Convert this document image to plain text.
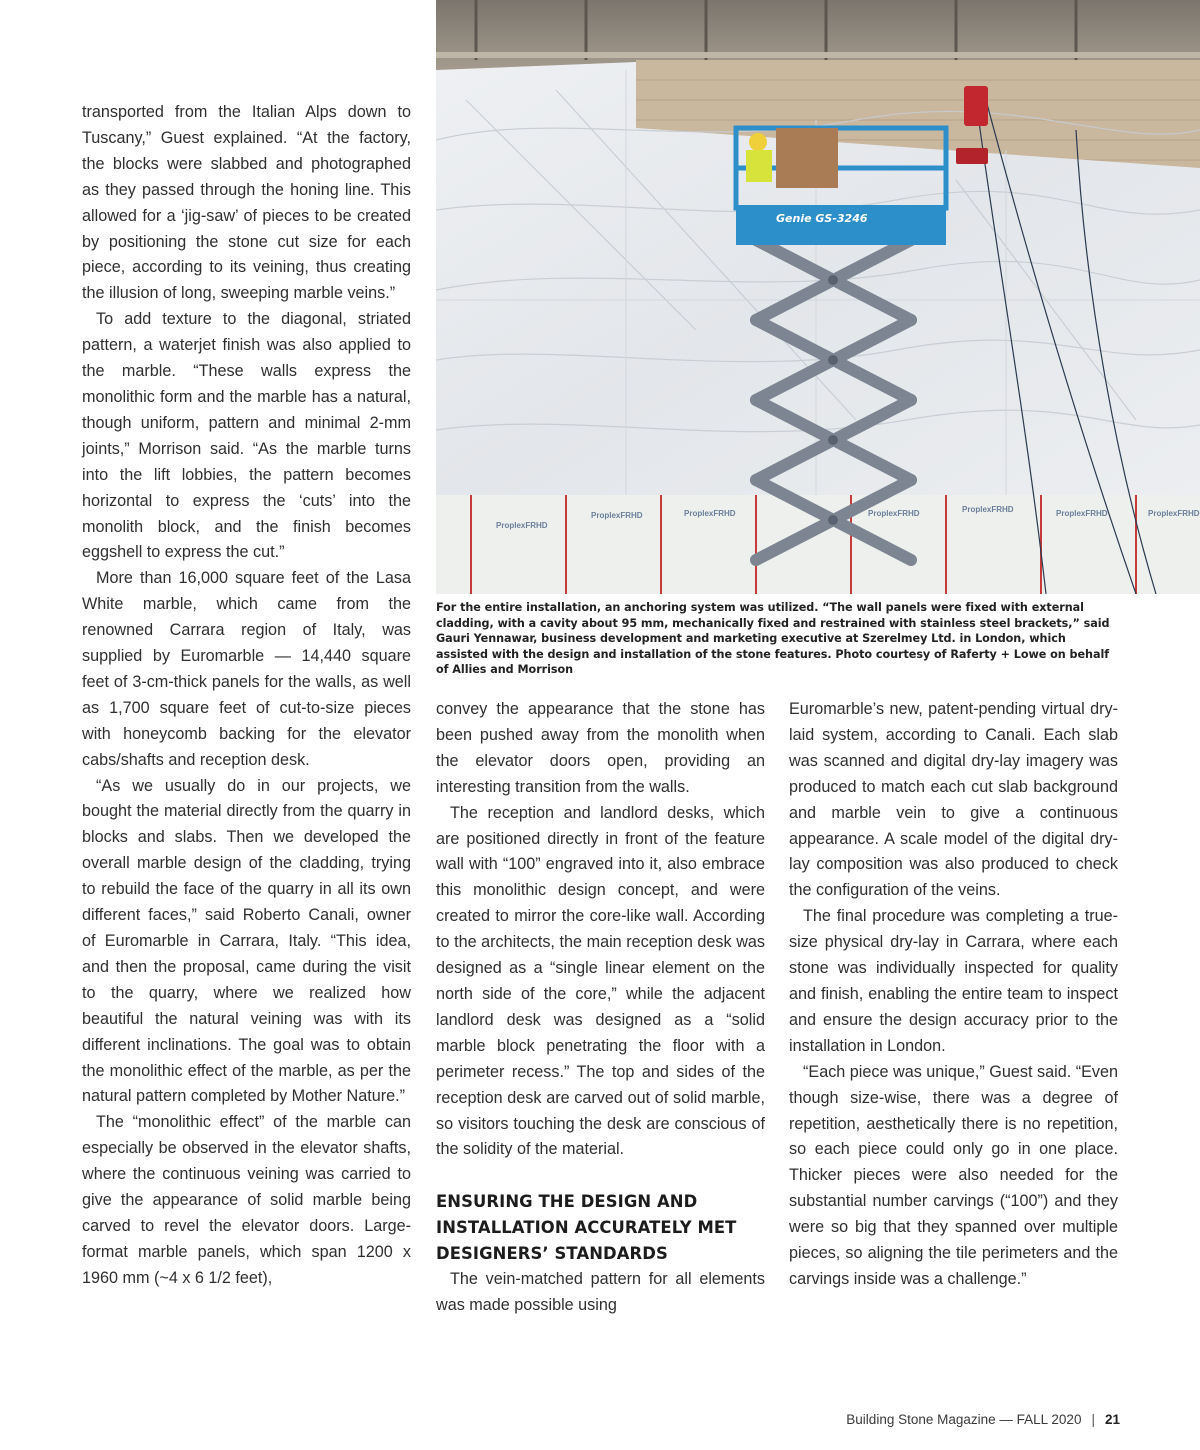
ProplexFRHD
ProplexFRHD	ProplexFRHD	ProplexFRHD	ProplexFRHD	ProplexFRHD	ProplexFRHD
Genie GS-3246
For the entire installation, an anchoring system was utilized. “The wall panels were fixed with external cladding, with a cavity about 95 mm, mechanically fixed and restrained with stainless steel brackets,” said Gauri Yennawar, business development and marketing executive at Szerelmey Ltd. in London, which assisted with the design and installation of the stone features. Photo courtesy of Raferty + Lowe on behalf of Allies and Morrison

transported from the Italian Alps down to Tuscany,” Guest explained. “At the factory, the blocks were slabbed and photographed as they passed through the honing line. This allowed for a ‘jig-saw’ of pieces to be created by positioning the stone cut size for each piece, according to its veining, thus creating the illusion of long, sweeping marble veins.”

To add texture to the diagonal, striated pattern, a waterjet finish was also applied to the marble. “These walls express the monolithic form and the marble has a natural, though uniform, pattern and minimal 2-mm joints,” Morrison said. “As the marble turns into the lift lobbies, the pattern becomes horizontal to express the ‘cuts’ into the monolith block, and the finish becomes eggshell to express the cut.”

More than 16,000 square feet of the Lasa White marble, which came from the renowned Carrara region of Italy, was supplied by Euromarble — 14,440 square feet of 3-cm-thick panels for the walls, as well as 1,700 square feet of cut-to-size pieces with honeycomb backing for the elevator cabs/shafts and reception desk.

“As we usually do in our projects, we bought the material directly from the quarry in blocks and slabs. Then we developed the overall marble design of the cladding, trying to rebuild the face of the quarry in all its own different faces,” said Roberto Canali, owner of Euromarble in Carrara, Italy. “This idea, and then the proposal, came during the visit to the quarry, where we realized how beautiful the natural veining was with its different inclinations. The goal was to obtain the monolithic effect of the marble, as per the natural pattern completed by Mother Nature.”

The “monolithic effect” of the marble can especially be observed in the elevator shafts, where the continuous veining was carried to give the appearance of solid marble being carved to revel the elevator doors. Large-format marble panels, which span 1200 x 1960 mm (~4 x 6 1/2 feet),

convey the appearance that the stone has been pushed away from the monolith when the elevator doors open, providing an interesting transition from the walls.

The reception and landlord desks, which are positioned directly in front of the feature wall with “100” engraved into it, also embrace this monolithic design concept, and were created to mirror the core-like wall. According to the architects, the main reception desk was designed as a “single linear element on the north side of the core,” while the adjacent landlord desk was designed as a “solid marble block penetrating the floor with a perimeter recess.” The top and sides of the reception desk are carved out of solid marble, so visitors touching the desk are conscious of the solidity of the material.

ENSURING THE DESIGN AND INSTALLATION ACCURATELY MET DESIGNERS’ STANDARDS

The vein-matched pattern for all elements was made possible using

Euromarble’s new, patent-pending virtual dry-laid system, according to Canali. Each slab was scanned and digital dry-lay imagery was produced to match each cut slab background and marble vein to give a continuous appearance. A scale model of the digital dry-lay composition was also produced to check the configuration of the veins.

The final procedure was completing a true-size physical dry-lay in Carrara, where each stone was individually inspected for quality and finish, enabling the entire team to inspect and ensure the design accuracy prior to the installation in London.

“Each piece was unique,” Guest said. “Even though size-wise, there was a degree of repetition, aesthetically there is no repetition, so each piece could only go in one place. Thicker pieces were also needed for the substantial number carvings (“100”) and they were so big that they spanned over multiple pieces, so aligning the tile perimeters and the carvings inside was a challenge.”

Building Stone Magazine — FALL 2020 | 21
